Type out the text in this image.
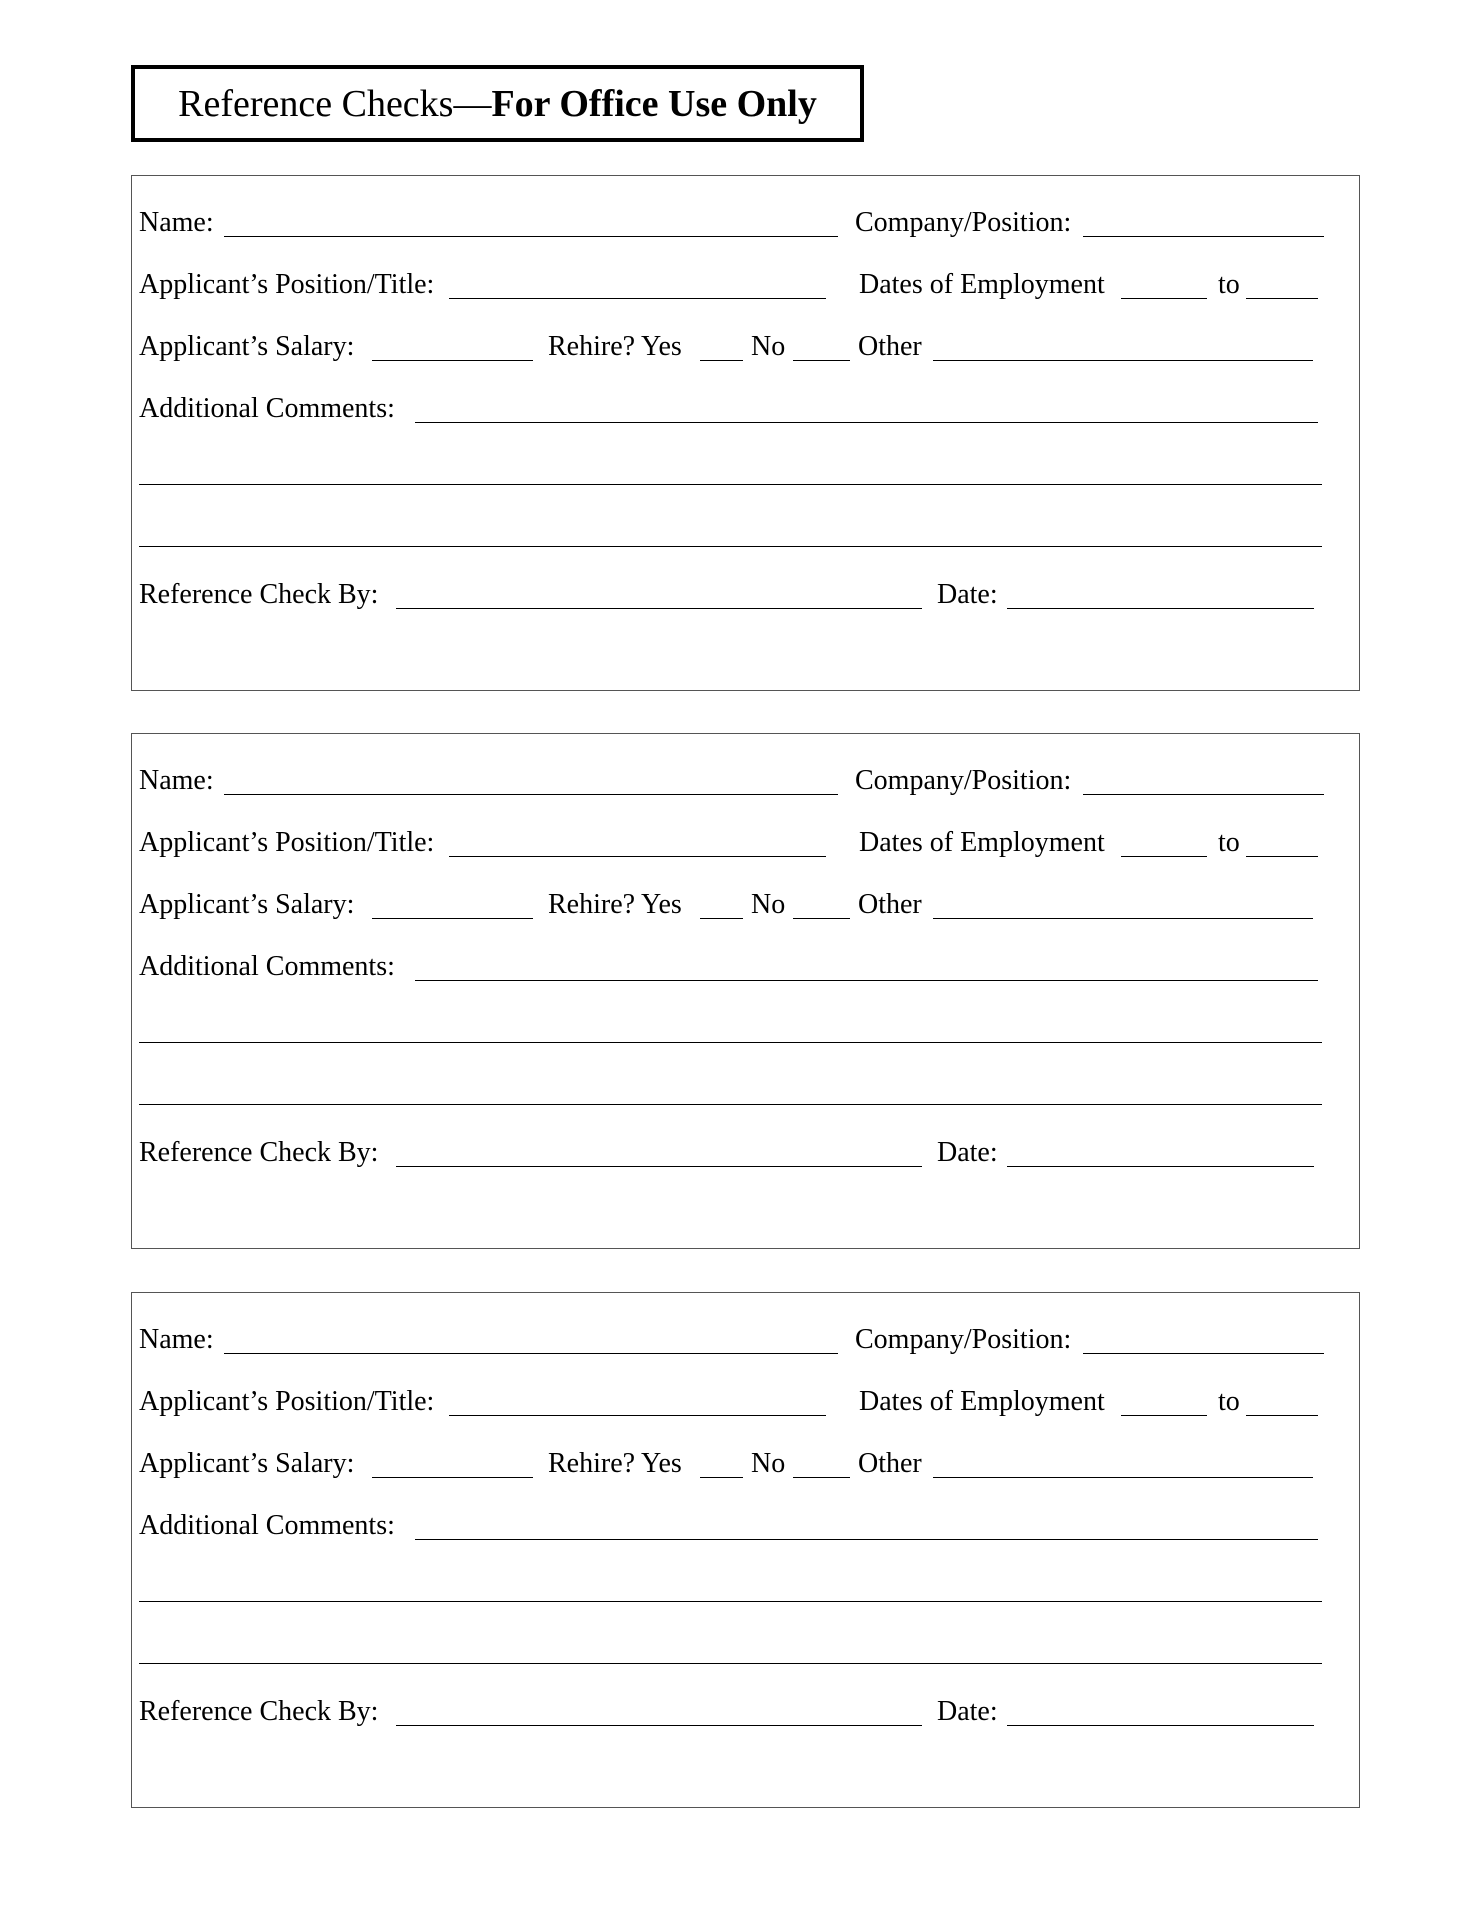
Reference Checks— For Office Use Only
Name:	Company/Position:
Applicant’s Position/Title:	Dates of Employment	to
Applicant’s Salary:	Rehire? Yes No	Other
Additional Comments:
Reference Check By:	Date:
Name:	Company/Position:
Applicant’s Position/Title:	Dates of Employment	to
Applicant’s Salary:	Rehire? Yes No	Other
Additional Comments:
Reference Check By:	Date:
Name:	Company/Position:
Applicant’s Position/Title:	Dates of Employment	to
Applicant’s Salary:	Rehire? Yes No	Other
Additional Comments:
Reference Check By:	Date:
